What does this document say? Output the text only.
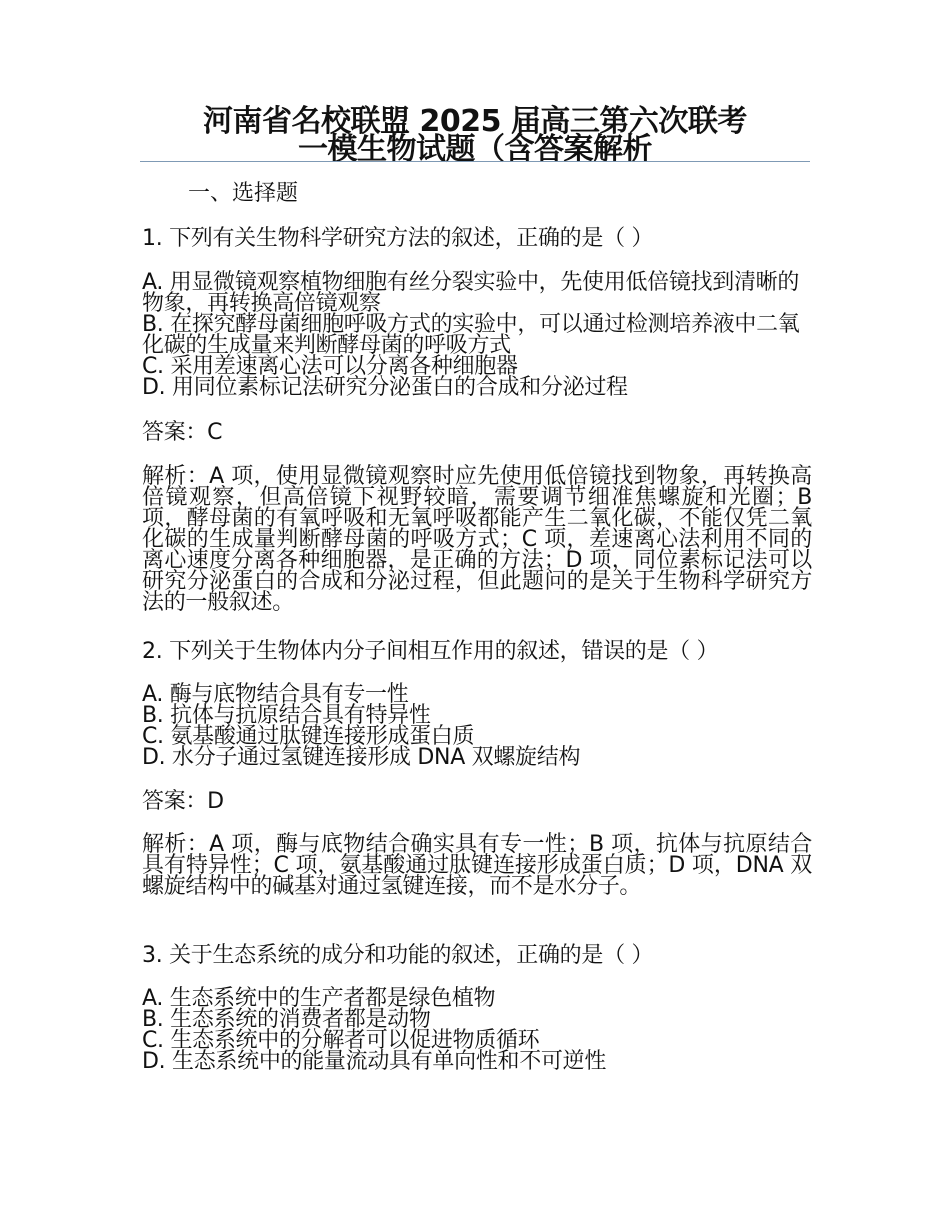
河南省名校联盟 2025 届高三第六次联考
一模生物试题（含答案解析
一、选择题
1. 下列有关生物科学研究方法的叙述，正确的是（ ）
A. 用显微镜观察植物细胞有丝分裂实验中，先使用低倍镜找到清晰的物象，再转换高倍镜观察
B. 在探究酵母菌细胞呼吸方式的实验中，可以通过检测培养液中二氧化碳的生成量来判断酵母菌的呼吸方式
C. 采用差速离心法可以分离各种细胞器
D. 用同位素标记法研究分泌蛋白的合成和分泌过程
答案：C
解析：A 项，使用显微镜观察时应先使用低倍镜找到物象，再转换高倍镜观察，但高倍镜下视野较暗，需要调节细准焦螺旋和光圈；B 项，酵母菌的有氧呼吸和无氧呼吸都能产生二氧化碳，不能仅凭二氧化碳的生成量判断酵母菌的呼吸方式；C 项，差速离心法利用不同的离心速度分离各种细胞器，是正确的方法；D 项，同位素标记法可以研究分泌蛋白的合成和分泌过程，但此题问的是关于生物科学研究方法的一般叙述。
2. 下列关于生物体内分子间相互作用的叙述，错误的是（ ）
A. 酶与底物结合具有专一性
B. 抗体与抗原结合具有特异性
C. 氨基酸通过肽键连接形成蛋白质
D. 水分子通过氢键连接形成 DNA 双螺旋结构
答案：D
解析：A 项，酶与底物结合确实具有专一性；B 项，抗体与抗原结合具有特异性；C 项，氨基酸通过肽键连接形成蛋白质；D 项，DNA 双螺旋结构中的碱基对通过氢键连接，而不是水分子。
3. 关于生态系统的成分和功能的叙述，正确的是（ ）
A. 生态系统中的生产者都是绿色植物
B. 生态系统的消费者都是动物
C. 生态系统中的分解者可以促进物质循环
D. 生态系统中的能量流动具有单向性和不可逆性
